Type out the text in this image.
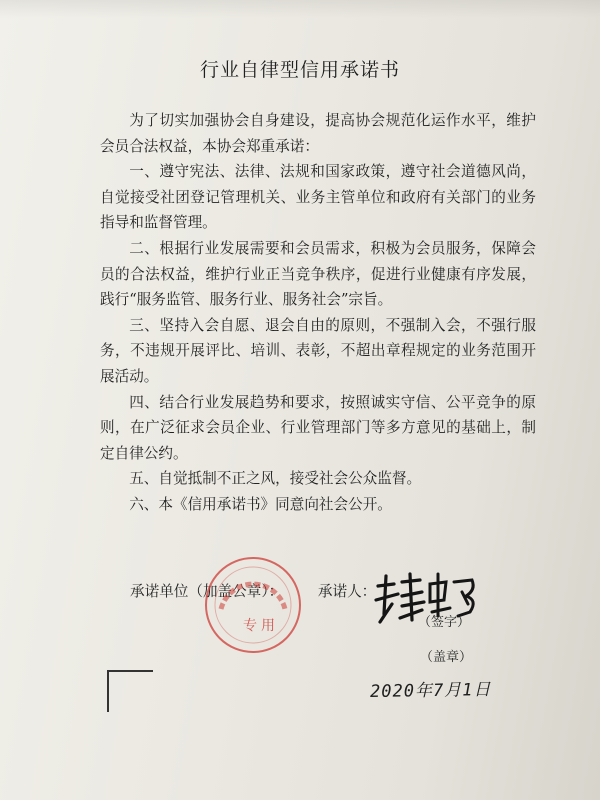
行业自律型信用承诺书

为了切实加强协会自身建设，提高协会规范化运作水平，维护会员合法权益，本协会郑重承诺：

一、遵守宪法、法律、法规和国家政策，遵守社会道德风尚，自觉接受社团登记管理机关、业务主管单位和政府有关部门的业务指导和监督管理。

二、根据行业发展需要和会员需求，积极为会员服务，保障会员的合法权益，维护行业正当竞争秩序，促进行业健康有序发展，践行“服务监管、服务行业、服务社会”宗旨。

三、坚持入会自愿、退会自由的原则，不强制入会，不强行服务，不违规开展评比、培训、表彰，不超出章程规定的业务范围开展活动。

四、结合行业发展趋势和要求，按照诚实守信、公平竞争的原则，在广泛征求会员企业、行业管理部门等多方意见的基础上，制定自律公约。

五、自觉抵制不正之风，接受社会公众监督。

六、本《信用承诺书》同意向社会公开。

承诺单位（加盖公章）： 承诺人：
专用	（签字）
（盖章）
2020年7月1日
